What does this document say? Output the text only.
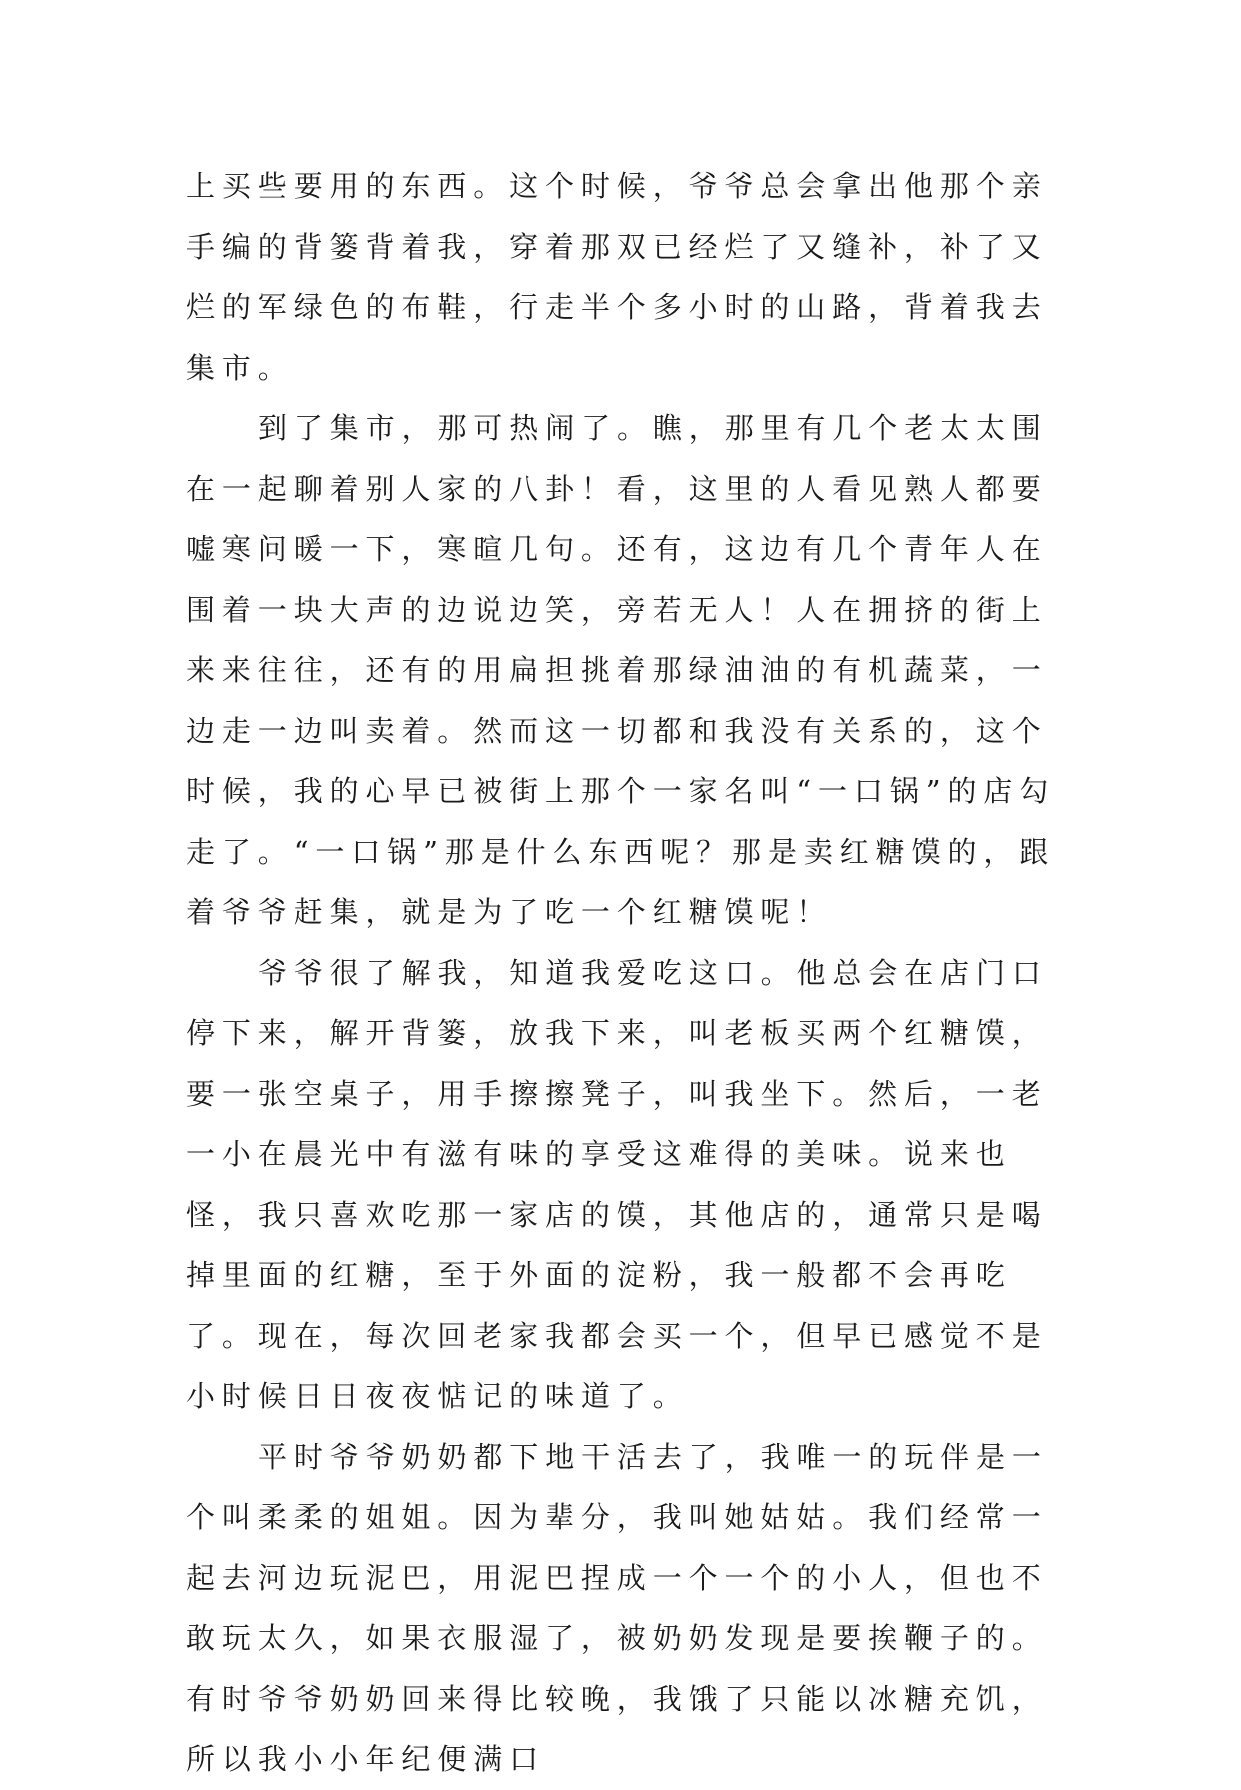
上买些要用的东西。这个时候，爷爷总会拿出他那个亲手编的背篓背着我，穿着那双已经烂了又缝补，补了又烂的军绿色的布鞋，行走半个多小时的山路，背着我去集市。

到了集市，那可热闹了。瞧，那里有几个老太太围在一起聊着别人家的八卦！看，这里的人看见熟人都要嘘寒问暖一下，寒暄几句。还有，这边有几个青年人在围着一块大声的边说边笑，旁若无人！人在拥挤的街上来来往往，还有的用扁担挑着那绿油油的有机蔬菜，一边走一边叫卖着。然而这一切都和我没有关系的，这个时候，我的心早已被街上那个一家名叫“一口锅”的店勾走了。“一口锅”那是什么东西呢？那是卖红糖馍的，跟着爷爷赶集，就是为了吃一个红糖馍呢！

爷爷很了解我，知道我爱吃这口。他总会在店门口停下来，解开背篓，放我下来，叫老板买两个红糖馍，要一张空桌子，用手擦擦凳子，叫我坐下。然后，一老一小在晨光中有滋有味的享受这难得的美味。说来也怪，我只喜欢吃那一家店的馍，其他店的，通常只是喝掉里面的红糖，至于外面的淀粉，我一般都不会再吃了。现在，每次回老家我都会买一个，但早已感觉不是小时候日日夜夜惦记的味道了。

平时爷爷奶奶都下地干活去了，我唯一的玩伴是一个叫柔柔的姐姐。因为辈分，我叫她姑姑。我们经常一起去河边玩泥巴，用泥巴捏成一个一个的小人，但也不敢玩太久，如果衣服湿了，被奶奶发现是要挨鞭子的。有时爷爷奶奶回来得比较晚，我饿了只能以冰糖充饥，所以我小小年纪便满口
